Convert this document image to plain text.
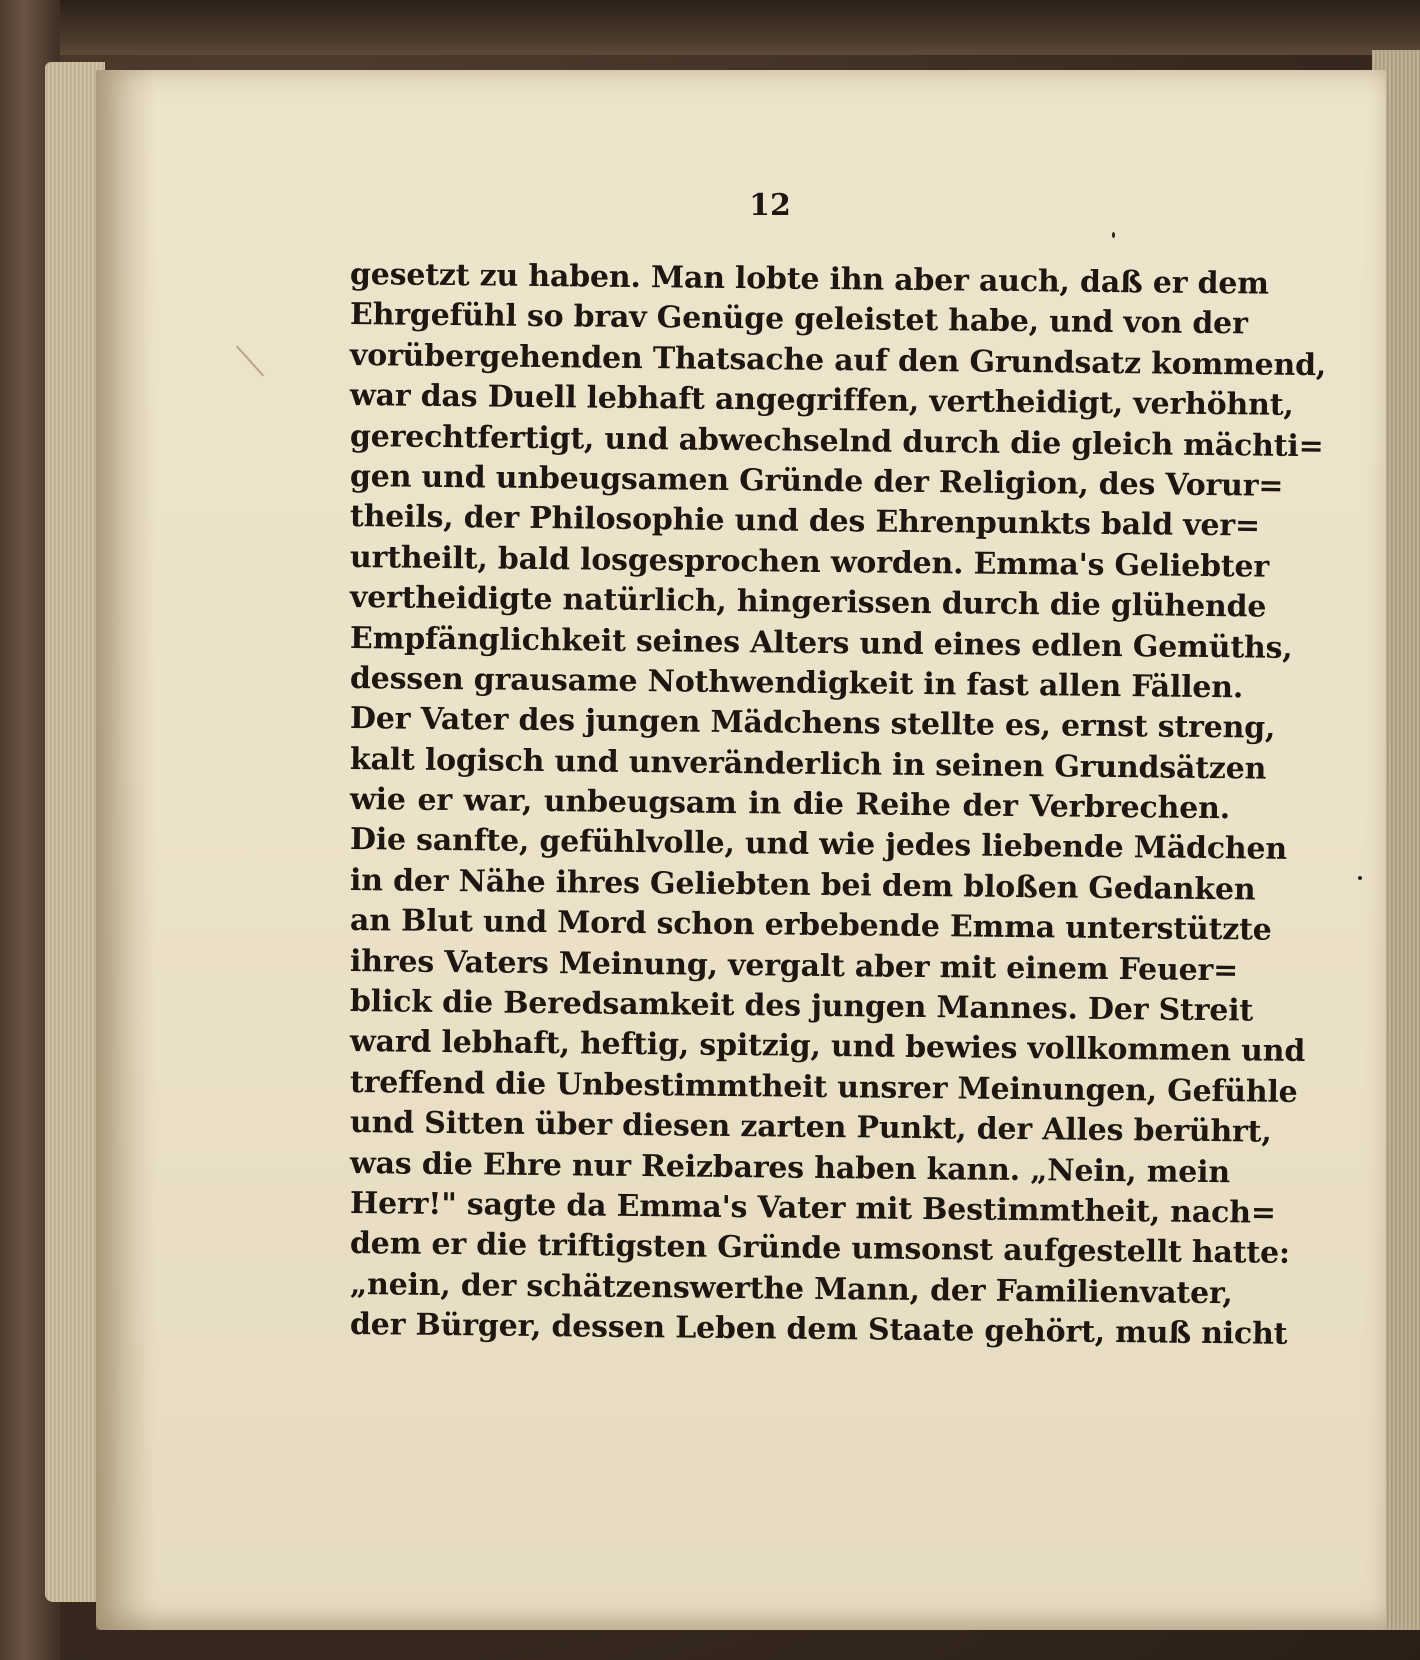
12
gesetzt zu haben. Man lobte ihn aber auch, daß er dem
Ehrgefühl so brav Genüge geleistet habe, und von der
vorübergehenden Thatsache auf den Grundsatz kommend,
war das Duell lebhaft angegriffen, vertheidigt, verhöhnt,
gerechtfertigt, und abwechselnd durch die gleich mächti=
gen und unbeugsamen Gründe der Religion, des Vorur=
theils, der Philosophie und des Ehrenpunkts bald ver=
urtheilt, bald losgesprochen worden. Emma's Geliebter
vertheidigte natürlich, hingerissen durch die glühende
Empfänglichkeit seines Alters und eines edlen Gemüths,
dessen grausame Nothwendigkeit in fast allen Fällen.
Der Vater des jungen Mädchens stellte es, ernst streng,
kalt logisch und unveränderlich in seinen Grundsätzen
wie er war, unbeugsam in die Reihe der Verbrechen.
Die sanfte, gefühlvolle, und wie jedes liebende Mädchen
in der Nähe ihres Geliebten bei dem bloßen Gedanken
an Blut und Mord schon erbebende Emma unterstützte
ihres Vaters Meinung, vergalt aber mit einem Feuer=
blick die Beredsamkeit des jungen Mannes. Der Streit
ward lebhaft, heftig, spitzig, und bewies vollkommen und
treffend die Unbestimmtheit unsrer Meinungen, Gefühle
und Sitten über diesen zarten Punkt, der Alles berührt,
was die Ehre nur Reizbares haben kann. „Nein, mein
Herr!" sagte da Emma's Vater mit Bestimmtheit, nach=
dem er die triftigsten Gründe umsonst aufgestellt hatte:
„nein, der schätzenswerthe Mann, der Familienvater,
der Bürger, dessen Leben dem Staate gehört, muß nicht
